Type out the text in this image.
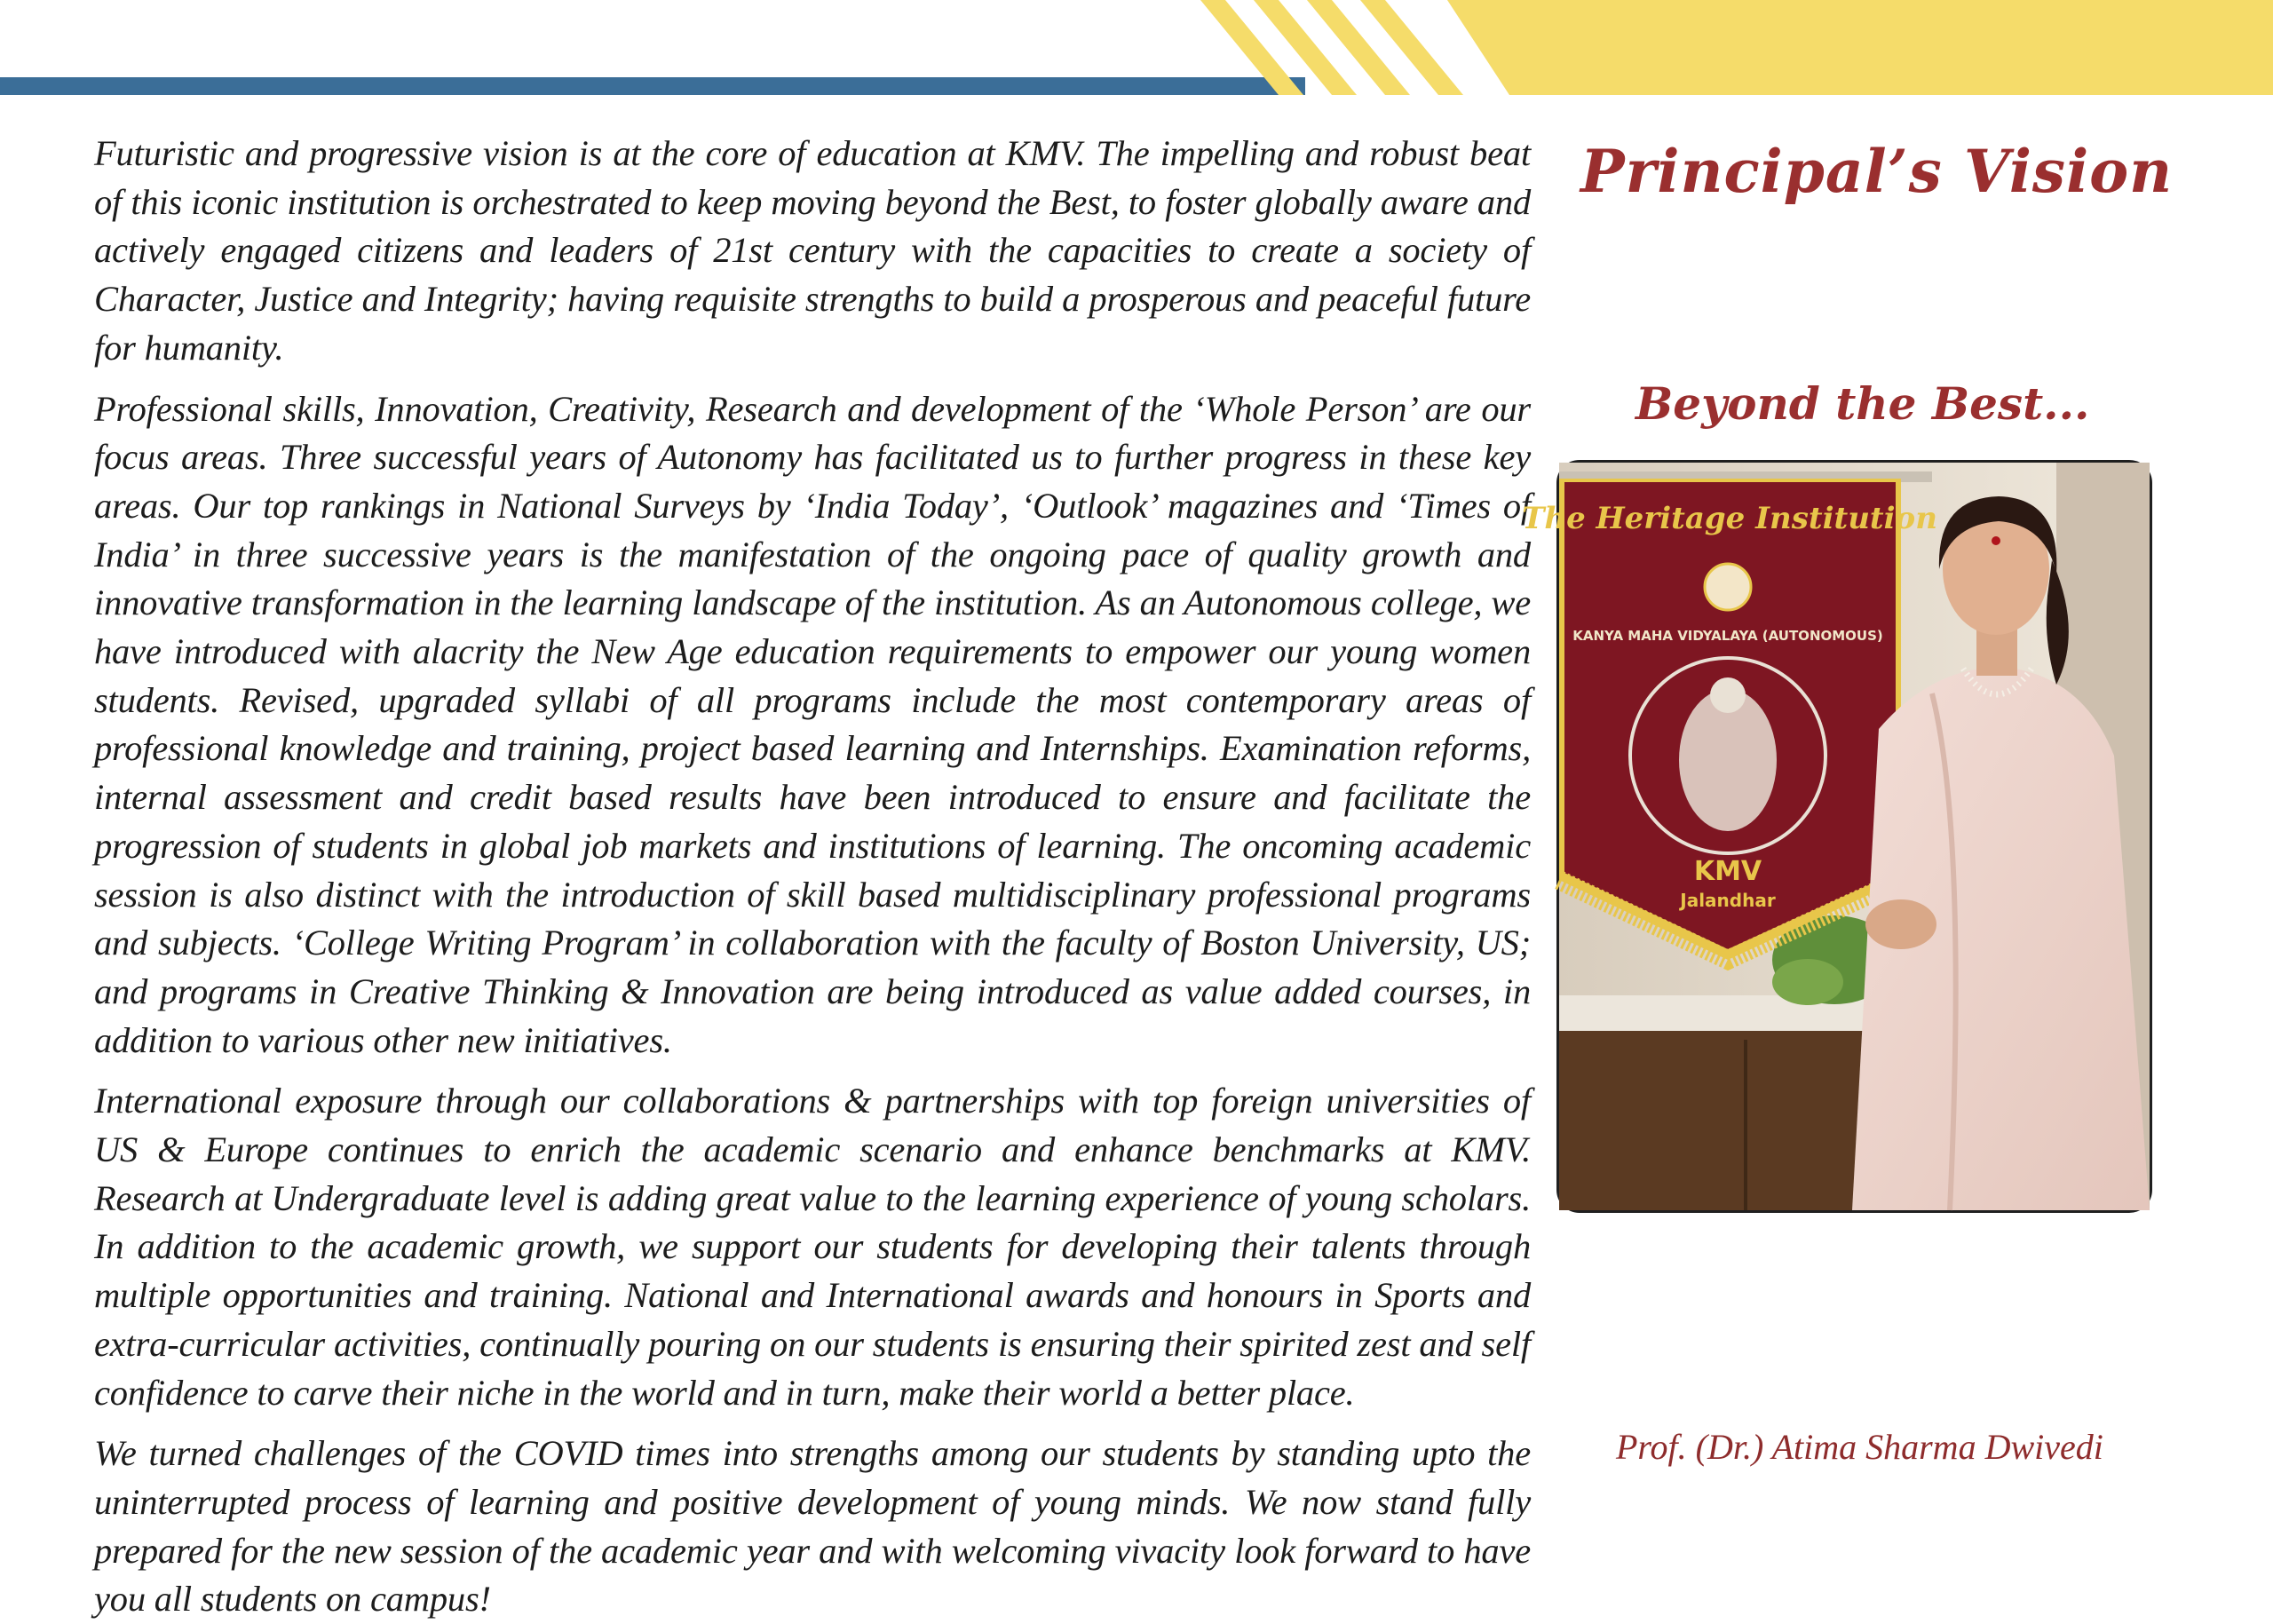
Futuristic and progressive vision is at the core of education at KMV. The impelling and robust beat of this iconic institution is orchestrated to keep moving beyond the Best, to foster globally aware and actively engaged citizens and leaders of 21st century with the capacities to create a society of Character, Justice and Integrity; having requisite strengths to build a prosperous and peaceful future for humanity.

Professional skills, Innovation, Creativity, Research and development of the ‘Whole Person’ are our focus areas. Three successful years of Autonomy has facilitated us to further progress in these key areas. Our top rankings in National Surveys by ‘India Today’, ‘Outlook’ magazines and ‘Times of India’ in three successive years is the manifestation of the ongoing pace of quality growth and innovative transformation in the learning landscape of the institution. As an Autonomous college, we have introduced with alacrity the New Age education requirements to empower our young women students. Revised, upgraded syllabi of all programs include the most contemporary areas of professional knowledge and training, project based learning and Internships. Examination reforms, internal assessment and credit based results have been introduced to ensure and facilitate the progression of students in global job markets and institutions of learning. The oncoming academic session is also distinct with the introduction of skill based multidisciplinary professional programs and subjects. ‘College Writing Program’ in collaboration with the faculty of Boston University, US; and programs in Creative Thinking & Innovation are being introduced as value added courses, in addition to various other new initiatives.

International exposure through our collaborations & partnerships with top foreign universities of US & Europe continues to enrich the academic scenario and enhance benchmarks at KMV. Research at Undergraduate level is adding great value to the learning experience of young scholars. In addition to the academic growth, we support our students for developing their talents through multiple opportunities and training. National and International awards and honours in Sports and extra-curricular activities, continually pouring on our students is ensuring their spirited zest and self confidence to carve their niche in the world and in turn, make their world a better place.

We turned challenges of the COVID times into strengths among our students by standing upto the uninterrupted process of learning and positive development of young minds. We now stand fully prepared for the new session of the academic year and with welcoming vivacity look forward to have you all students on campus!

Principal’s Vision
Beyond the Best...
The Heritage Institution
KANYA MAHA VIDYALAYA (AUTONOMOUS)
KMV
Jalandhar
Prof. (Dr.) Atima Sharma Dwivedi
